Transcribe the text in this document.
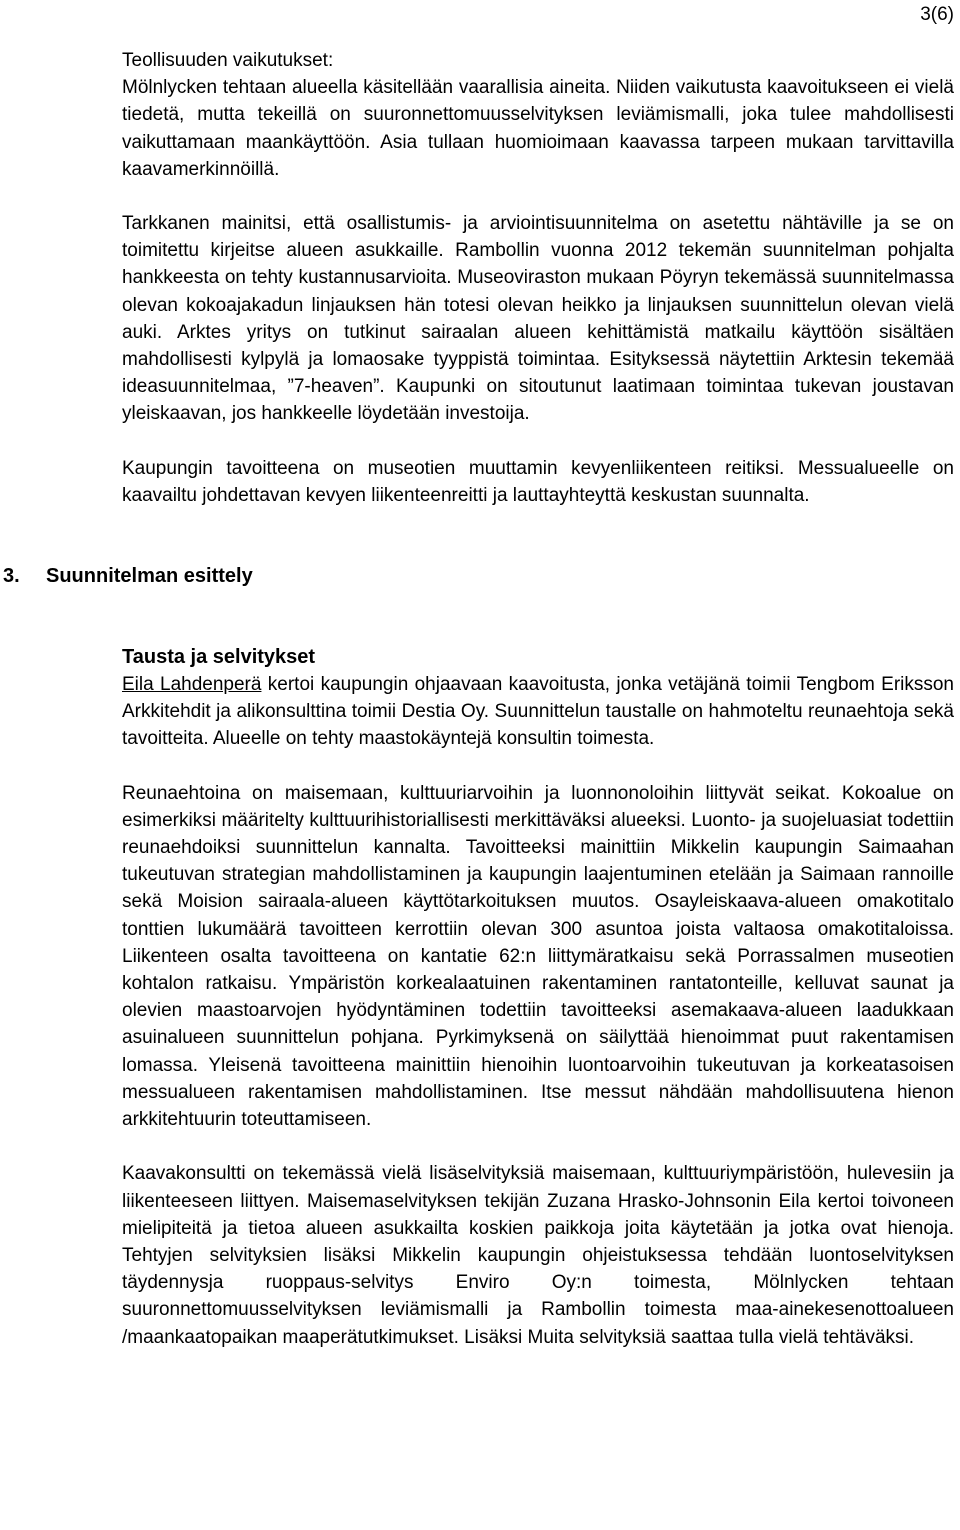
3(6)

Teollisuuden vaikutukset:

Mölnlycken tehtaan alueella käsitellään vaarallisia aineita. Niiden vaikutusta kaavoitukseen ei vielä tiedetä, mutta tekeillä on suuronnettomuusselvityksen leviämismalli, joka tulee mahdollisesti vaikuttamaan maankäyttöön. Asia tullaan huomioimaan kaavassa tarpeen mukaan tarvittavilla kaavamerkinnöillä.

Tarkkanen mainitsi, että osallistumis- ja arviointisuunnitelma on asetettu nähtäville ja se on toimitettu kirjeitse alueen asukkaille. Rambollin vuonna 2012 tekemän suunnitelman pohjalta hankkeesta on tehty kustannusarvioita. Museoviraston mukaan Pöyryn tekemässä suunnitelmassa olevan kokoajakadun linjauksen hän totesi olevan heikko ja linjauksen suunnittelun olevan vielä auki. Arktes yritys on tutkinut sairaalan alueen kehittämistä matkailu käyttöön sisältäen mahdollisesti kylpylä ja lomaosake tyyppistä toimintaa. Esityksessä näytettiin Arktesin tekemää ideasuunnitelmaa, ”7-heaven”. Kaupunki on sitoutunut laatimaan toimintaa tukevan joustavan yleiskaavan, jos hankkeelle löydetään investoija.

Kaupungin tavoitteena on museotien muuttamin kevyenliikenteen reitiksi. Messualueelle on kaavailtu johdettavan kevyen liikenteenreitti ja lauttayhteyttä keskustan suunnalta.

3.	Suunnitelman esittely

Tausta ja selvitykset

Eila Lahdenperä kertoi kaupungin ohjaavaan kaavoitusta, jonka vetäjänä toimii Tengbom Eriksson Arkkitehdit ja alikonsulttina toimii Destia Oy. Suunnittelun taustalle on hahmoteltu reunaehtoja sekä tavoitteita. Alueelle on tehty maastokäyntejä konsultin toimesta.

Reunaehtoina on maisemaan, kulttuuriarvoihin ja luonnonoloihin liittyvät seikat. Kokoalue on esimerkiksi määritelty kulttuurihistoriallisesti merkittäväksi alueeksi. Luonto- ja suojeluasiat todettiin reunaehdoiksi suunnittelun kannalta. Tavoitteeksi mainittiin Mikkelin kaupungin Saimaahan tukeutuvan strategian mahdollistaminen ja kaupungin laajentuminen etelään ja Saimaan rannoille sekä Moision sairaala-alueen käyttötarkoituksen muutos. Osayleiskaava-alueen omakotitalo tonttien lukumäärä tavoitteen kerrottiin olevan 300 asuntoa joista valtaosa omakotitaloissa. Liikenteen osalta tavoitteena on kantatie 62:n liittymäratkaisu sekä Porrassalmen museotien kohtalon ratkaisu. Ympäristön korkealaatuinen rakentaminen rantatonteille, kelluvat saunat ja olevien maastoarvojen hyödyntäminen todettiin tavoitteeksi asemakaava-alueen laadukkaan asuinalueen suunnittelun pohjana. Pyrkimyksenä on säilyttää hienoimmat puut rakentamisen lomassa. Yleisenä tavoitteena mainittiin hienoihin luontoarvoihin tukeutuvan ja korkeatasoisen messualueen rakentamisen mahdollistaminen. Itse messut nähdään mahdollisuutena hienon arkkitehtuurin toteuttamiseen.

Kaavakonsultti on tekemässä vielä lisäselvityksiä maisemaan, kulttuuriympäristöön, hulevesiin ja liikenteeseen liittyen. Maisemaselvityksen tekijän Zuzana Hrasko-Johnsonin Eila kertoi toivoneen mielipiteitä ja tietoa alueen asukkailta koskien paikkoja joita käytetään ja jotka ovat hienoja. Tehtyjen selvityksien lisäksi Mikkelin kaupungin ohjeistuksessa tehdään luontoselvityksen täydennysja ruoppaus-selvitys Enviro Oy:n toimesta, Mölnlycken tehtaan suuronnettomuusselvityksen leviämismalli ja Rambollin toimesta maa-ainekesenottoalueen /maankaatopaikan maaperätutkimukset. Lisäksi Muita selvityksiä saattaa tulla vielä tehtäväksi.
